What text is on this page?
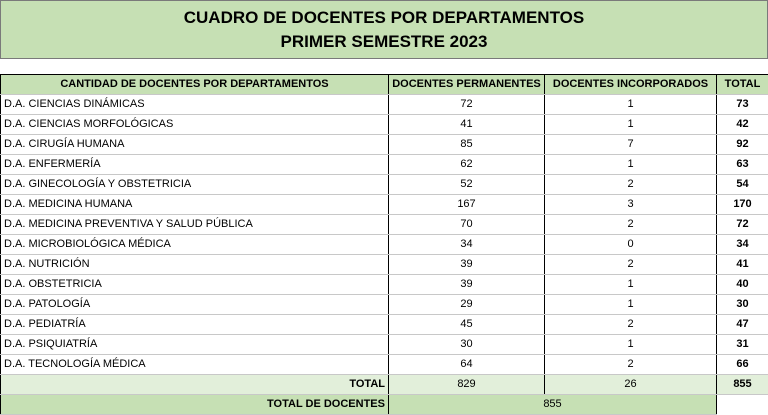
CUADRO DE DOCENTES POR DEPARTAMENTOS
PRIMER SEMESTRE 2023
CANTIDAD DE DOCENTES POR DEPARTAMENTOS	DOCENTES PERMANENTES	DOCENTES INCORPORADOS	TOTAL
D.A. CIENCIAS DINÁMICAS	72	1	73
D.A. CIENCIAS MORFOLÓGICAS	41	1	42
D.A. CIRUGÍA HUMANA	85	7	92
D.A. ENFERMERÍA	62	1	63
D.A. GINECOLOGÍA Y OBSTETRICIA	52	2	54
D.A. MEDICINA HUMANA	167	3	170
D.A. MEDICINA PREVENTIVA Y SALUD PÚBLICA	70	2	72
D.A. MICROBIOLÓGICA MÉDICA	34	0	34
D.A. NUTRICIÓN	39	2	41
D.A. OBSTETRICIA	39	1	40
D.A. PATOLOGÍA	29	1	30
D.A. PEDIATRÍA	45	2	47
D.A. PSIQUIATRÍA	30	1	31
D.A. TECNOLOGÍA MÉDICA	64	2	66
TOTAL	829	26	855
TOTAL DE DOCENTES	855		
